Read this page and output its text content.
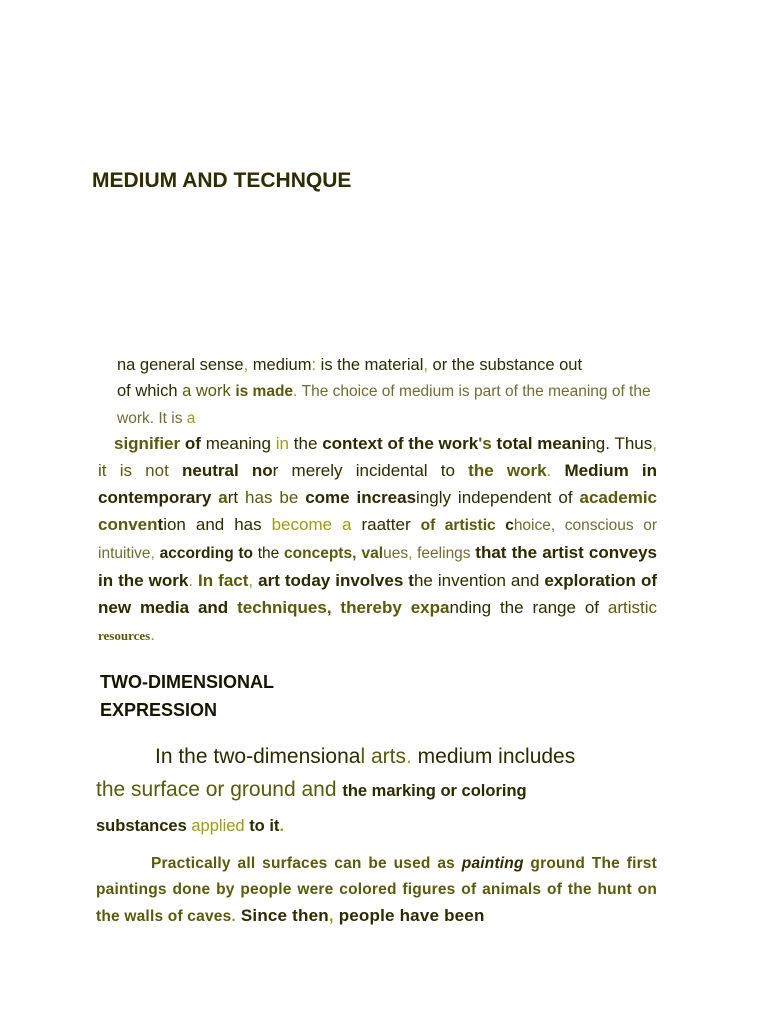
MEDIUM AND TECHNQUE

na general sense, medium: is the material, or the substance out
of which a work is made. The choice of medium is part of the meaning of the work. It is a

signifier of meaning in the context of the work's total meaning. Thus, it is not neutral nor merely incidental to the work. Medium in contemporary art has be come increasingly independent of academic convention and has become a raatter of artistic choice, conscious or intuitive, according to the concepts, values, feelings that the artist conveys in the work. In fact, art today involves the invention and exploration of new media and techniques, thereby expanding the range of artistic resources.

TWO-DIMENSIONAL
EXPRESSION

In the two-dimensional arts. medium includes
the surface or ground and the marking or coloring
substances applied to it.

Practically all surfaces can be used as painting ground The first paintings done by people were colored figures of animals of the hunt on the walls of caves. Since then, people have been
